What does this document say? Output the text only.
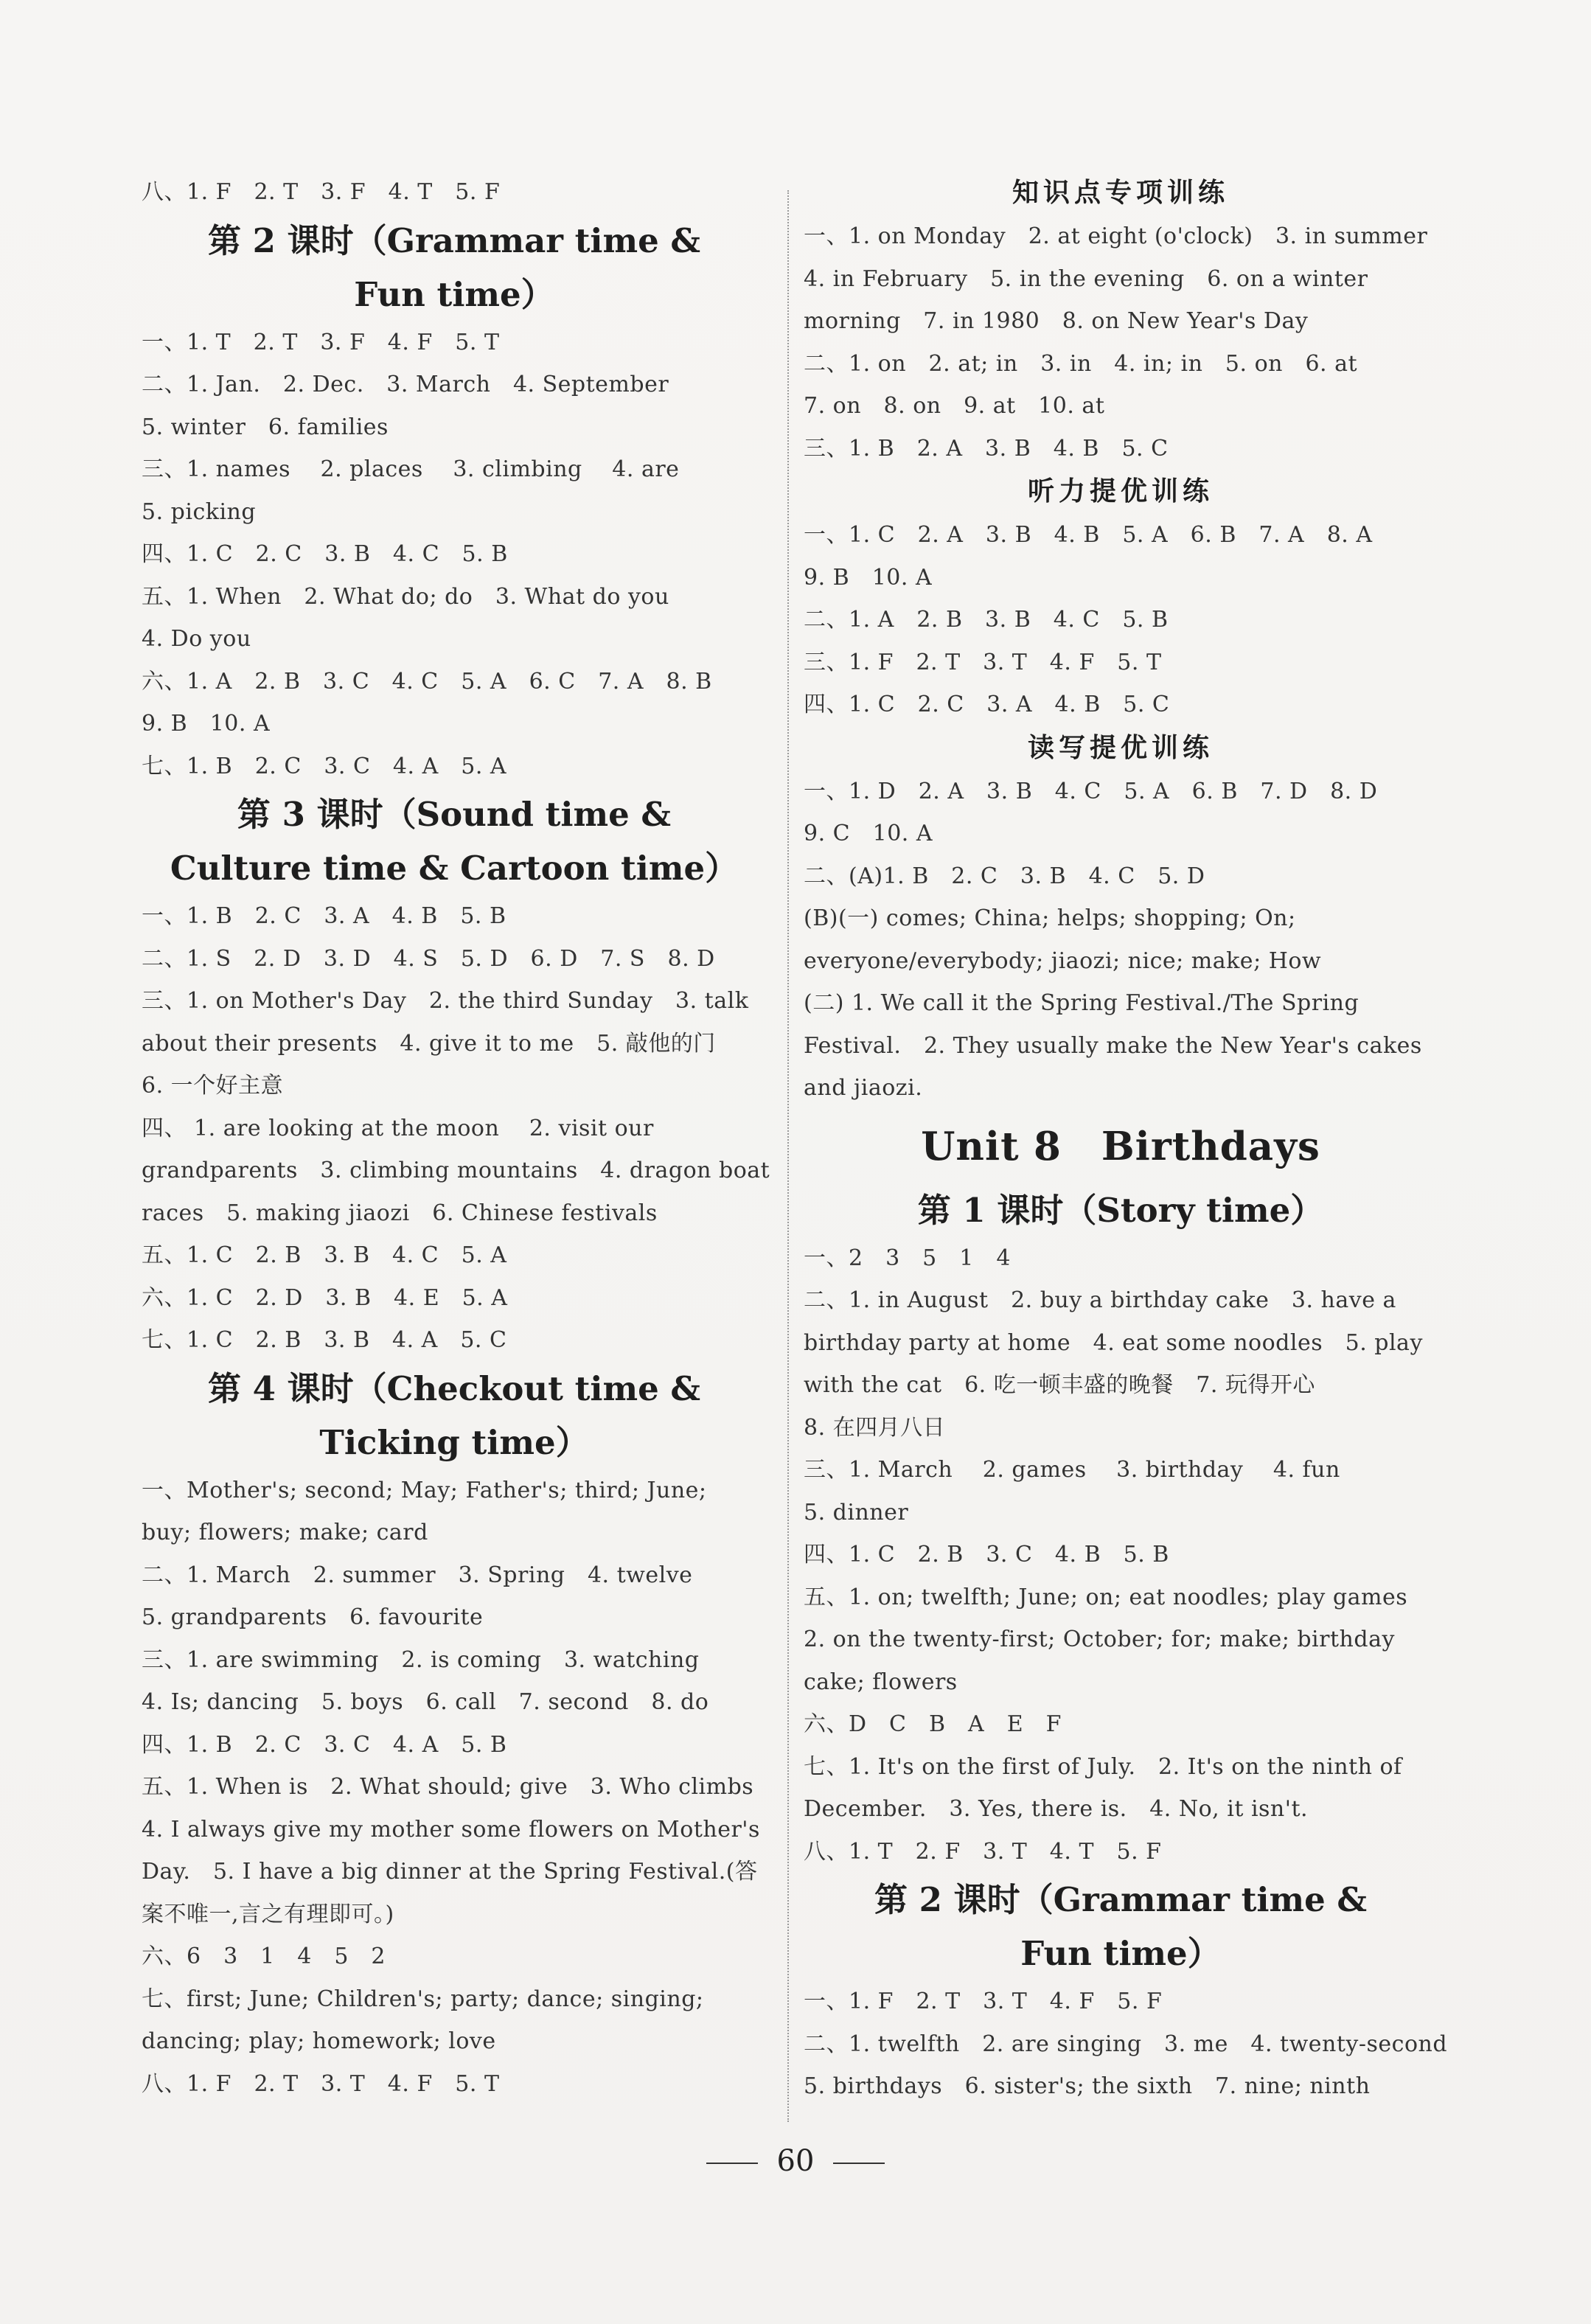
八、1. F　2. T　3. F　4. T　5. F
第 2 课时（Grammar time &
Fun time）
一、1. T　2. T　3. F　4. F　5. T
二、1. Jan.　2. Dec.　3. March　4. September
5. winter　6. families
三、1. names　 2. places　 3. climbing　 4. are
5. picking
四、1. C　2. C　3. B　4. C　5. B
五、1. When　2. What do; do　3. What do you
4. Do you
六、1. A　2. B　3. C　4. C　5. A　6. C　7. A　8. B
9. B　10. A
七、1. B　2. C　3. C　4. A　5. A
第 3 课时（Sound time &
Culture time & Cartoon time）
一、1. B　2. C　3. A　4. B　5. B
二、1. S　2. D　3. D　4. S　5. D　6. D　7. S　8. D
三、1. on Mother's Day　2. the third Sunday　3. talk
about their presents　4. give it to me　5. 敲他的门
6. 一个好主意
四、 1. are looking at the moon　 2. visit our
grandparents　3. climbing mountains　4. dragon boat
races　5. making jiaozi　6. Chinese festivals
五、1. C　2. B　3. B　4. C　5. A
六、1. C　2. D　3. B　4. E　5. A
七、1. C　2. B　3. B　4. A　5. C
第 4 课时（Checkout time &
Ticking time）
一、Mother's; second; May; Father's; third; June;
buy; flowers; make; card
二、1. March　2. summer　3. Spring　4. twelve
5. grandparents　6. favourite
三、1. are swimming　2. is coming　3. watching
4. Is; dancing　5. boys　6. call　7. second　8. do
四、1. B　2. C　3. C　4. A　5. B
五、1. When is　2. What should; give　3. Who climbs
4. I always give my mother some flowers on Mother's
Day.　5. I have a big dinner at the Spring Festival.(答
案不唯一,言之有理即可。)
六、6　3　1　4　5　2
七、first; June; Children's; party; dance; singing;
dancing; play; homework; love
八、1. F　2. T　3. T　4. F　5. T
知识点专项训练
一、1. on Monday　2. at eight (o'clock)　3. in summer
4. in February　5. in the evening　6. on a winter
morning　7. in 1980　8. on New Year's Day
二、1. on　2. at; in　3. in　4. in; in　5. on　6. at
7. on　8. on　9. at　10. at
三、1. B　2. A　3. B　4. B　5. C
听力提优训练
一、1. C　2. A　3. B　4. B　5. A　6. B　7. A　8. A
9. B　10. A
二、1. A　2. B　3. B　4. C　5. B
三、1. F　2. T　3. T　4. F　5. T
四、1. C　2. C　3. A　4. B　5. C
读写提优训练
一、1. D　2. A　3. B　4. C　5. A　6. B　7. D　8. D
9. C　10. A
二、(A)1. B　2. C　3. B　4. C　5. D
(B)(一) comes; China; helps; shopping; On;
everyone/everybody; jiaozi; nice; make; How
(二) 1. We call it the Spring Festival./The Spring
Festival.　2. They usually make the New Year's cakes
and jiaozi.
Unit 8　Birthdays
第 1 课时（Story time）
一、2　3　5　1　4
二、1. in August　2. buy a birthday cake　3. have a
birthday party at home　4. eat some noodles　5. play
with the cat　6. 吃一顿丰盛的晚餐　7. 玩得开心
8. 在四月八日
三、1. March　 2. games　 3. birthday　 4. fun
5. dinner
四、1. C　2. B　3. C　4. B　5. B
五、1. on; twelfth; June; on; eat noodles; play games
2. on the twenty-first; October; for; make; birthday
cake; flowers
六、D　C　B　A　E　F
七、1. It's on the first of July.　2. It's on the ninth of
December.　3. Yes, there is.　4. No, it isn't.
八、1. T　2. F　3. T　4. T　5. F
第 2 课时（Grammar time &
Fun time）
一、1. F　2. T　3. T　4. F　5. F
二、1. twelfth　2. are singing　3. me　4. twenty-second
5. birthdays　6. sister's; the sixth　7. nine; ninth
60
